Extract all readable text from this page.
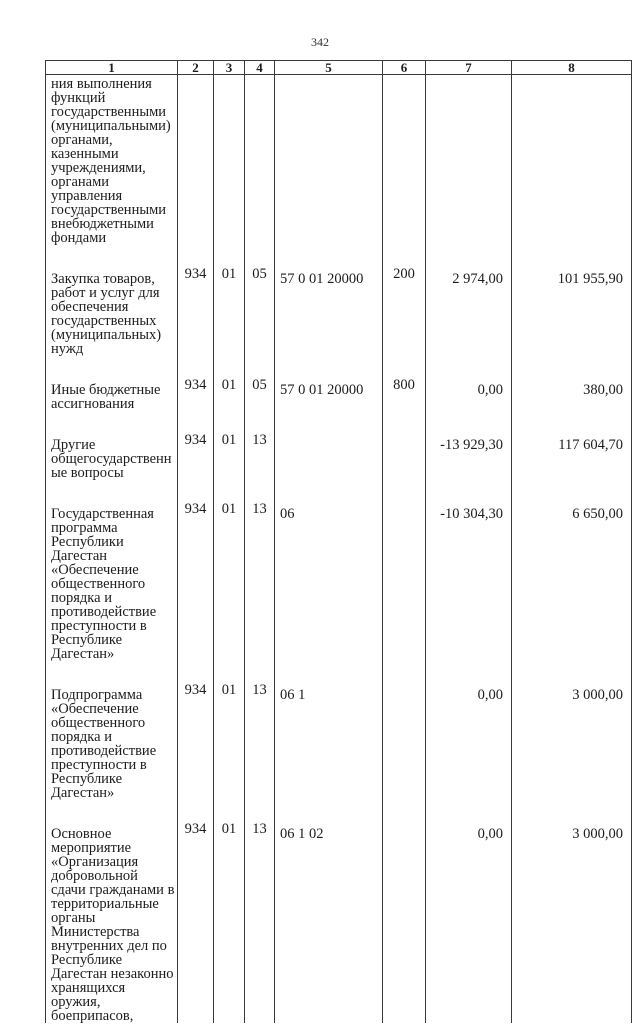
342
1	2	3	4	5	6	7	8
ния выполнения функций государственными (муниципальными) органами, казенными учреждениями, органами управления государственными внебюджетными фондами							
Закупка товаров, работ и услуг для обеспечения государственных (муниципальных) нужд	934	01	05	57 0 01 20000	200	2 974,00	101 955,90
Иные бюджетные ассигнования	934	01	05	57 0 01 20000	800	0,00	380,00
Другие общегосударственные вопросы	934	01	13			-13 929,30	117 604,70
Государственная программа Республики Дагестан «Обеспечение общественного порядка и противодействие преступности в Республике Дагестан»	934	01	13	06		-10 304,30	6 650,00
Подпрограмма «Обеспечение общественного порядка и противодействие преступности в Республике Дагестан»	934	01	13	06 1		0,00	3 000,00
Основное мероприятие «Организация добровольной сдачи гражданами в территориальные органы Министерства внутренних дел по Республике Дагестан незаконно хранящихся оружия, боеприпасов,	934	01	13	06 1 02		0,00	3 000,00
